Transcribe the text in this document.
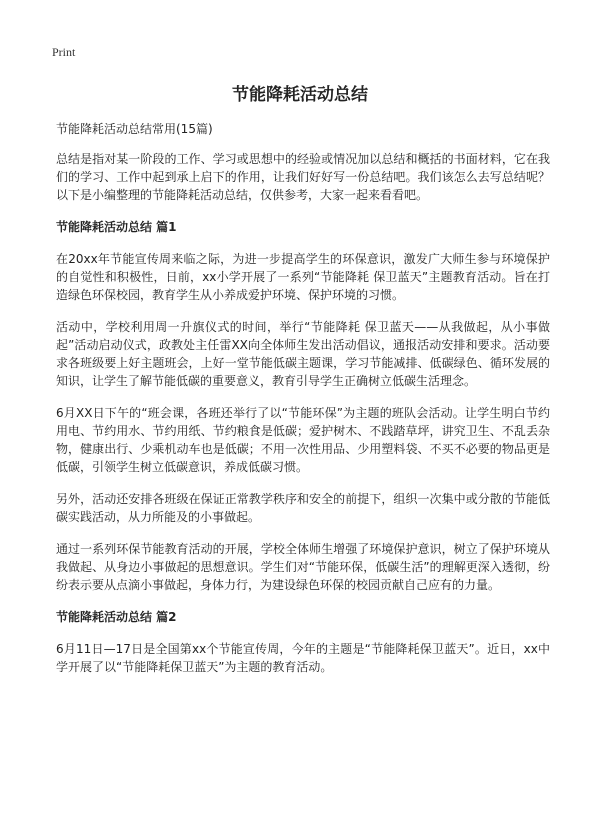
Print
节能降耗活动总结

节能降耗活动总结常用(15篇)

总结是指对某一阶段的工作、学习或思想中的经验或情况加以总结和概括的书面材料，它在我们的学习、工作中起到承上启下的作用，让我们好好写一份总结吧。我们该怎么去写总结呢？以下是小编整理的节能降耗活动总结，仅供参考，大家一起来看看吧。

节能降耗活动总结 篇1

在20xx年节能宣传周来临之际，为进一步提高学生的环保意识，激发广大师生参与环境保护的自觉性和积极性，日前，xx小学开展了一系列“节能降耗 保卫蓝天”主题教育活动。旨在打造绿色环保校园，教育学生从小养成爱护环境、保护环境的习惯。

活动中，学校利用周一升旗仪式的时间，举行“节能降耗 保卫蓝天——从我做起，从小事做起”活动启动仪式，政教处主任雷XX向全体师生发出活动倡议，通报活动安排和要求。活动要求各班级要上好主题班会，上好一堂节能低碳主题课，学习节能减排、低碳绿色、循环发展的知识，让学生了解节能低碳的重要意义，教育引导学生正确树立低碳生活理念。

6月XX日下午的“班会课，各班还举行了以“节能环保”为主题的班队会活动。让学生明白节约用电、节约用水、节约用纸、节约粮食是低碳；爱护树木、不践踏草坪，讲究卫生、不乱丢杂物，健康出行、少乘机动车也是低碳；不用一次性用品、少用塑料袋、不买不必要的物品更是低碳，引领学生树立低碳意识，养成低碳习惯。

另外，活动还安排各班级在保证正常教学秩序和安全的前提下，组织一次集中或分散的节能低碳实践活动，从力所能及的小事做起。

通过一系列环保节能教育活动的开展，学校全体师生增强了环境保护意识，树立了保护环境从我做起、从身边小事做起的思想意识。学生们对“节能环保，低碳生活”的理解更深入透彻，纷纷表示要从点滴小事做起，身体力行，为建设绿色环保的校园贡献自己应有的力量。

节能降耗活动总结 篇2

6月11日—17日是全国第xx个节能宣传周，今年的主题是“节能降耗保卫蓝天”。近日，xx中学开展了以“节能降耗保卫蓝天”为主题的教育活动。
